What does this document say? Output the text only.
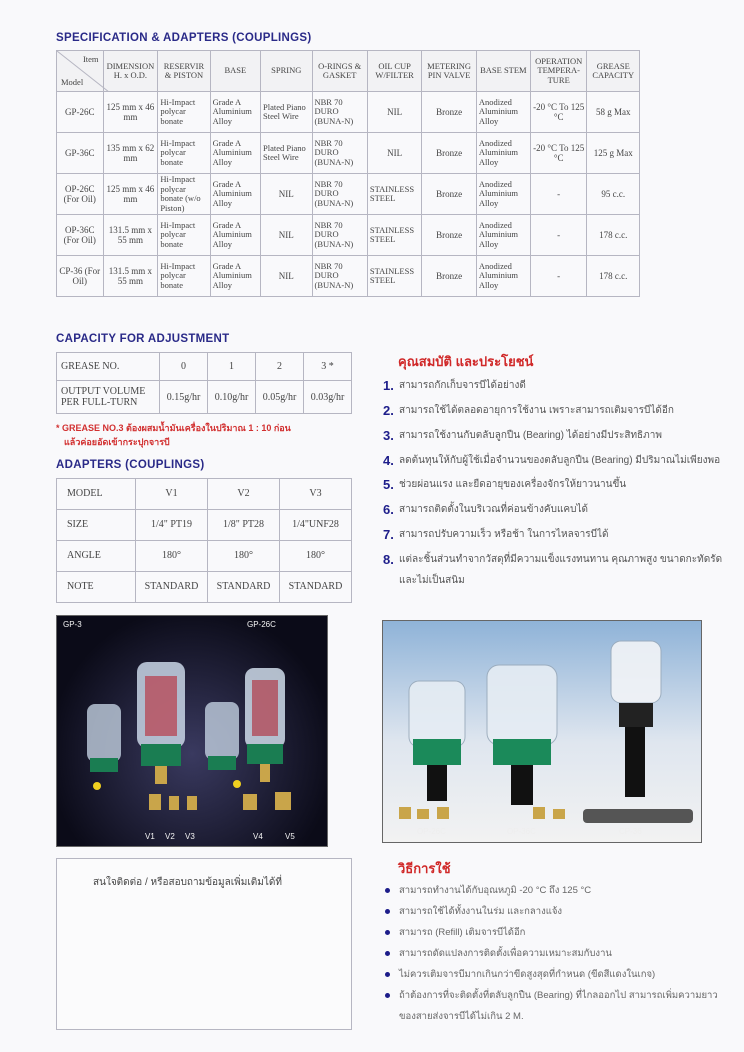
SPECIFICATION & ADAPTERS (COUPLINGS)
Item
Model	DIMENSION H. x O.D.	RESERVIR & PISTON	BASE	SPRING	O-RINGS & GASKET	OIL CUP W/FILTER	METERING PIN VALVE	BASE STEM	OPERATION TEMPERA-TURE	GREASE CAPACITY
GP-26C	125 mm x 46 mm	Hi-Impact polycar bonate	Grade A Aluminium Alloy	Plated Piano Steel Wire	NBR 70 DURO (BUNA-N)	NIL	Bronze	Anodized Aluminium Alloy	-20 °C To 125 °C	58 g Max
GP-36C	135 mm x 62 mm	Hi-Impact polycar bonate	Grade A Aluminium Alloy	Plated Piano Steel Wire	NBR 70 DURO (BUNA-N)	NIL	Bronze	Anodized Aluminium Alloy	-20 °C To 125 °C	125 g Max
OP-26C (For Oil)	125 mm x 46 mm	Hi-Impact polycar bonate (w/o Piston)	Grade A Aluminium Alloy	NIL	NBR 70 DURO (BUNA-N)	STAINLESS STEEL	Bronze	Anodized Aluminium Alloy	-	95 c.c.
OP-36C (For Oil)	131.5 mm x 55 mm	Hi-Impact polycar bonate	Grade A Aluminium Alloy	NIL	NBR 70 DURO (BUNA-N)	STAINLESS STEEL	Bronze	Anodized Aluminium Alloy	-	178 c.c.
CP-36 (For Oil)	131.5 mm x 55 mm	Hi-Impact polycar bonate	Grade A Aluminium Alloy	NIL	NBR 70 DURO (BUNA-N)	STAINLESS STEEL	Bronze	Anodized Aluminium Alloy	-	178 c.c.
CAPACITY FOR ADJUSTMENT
GREASE NO.	0	1	2	3 *
OUTPUT VOLUME PER FULL-TURN	0.15g/hr	0.10g/hr	0.05g/hr	0.03g/hr
* GREASE NO.3 ต้องผสมน้ำมันเครื่องในปริมาณ 1 : 10 ก่อน
แล้วค่อยอัดเข้ากระปุกจารบี
ADAPTERS (COUPLINGS)
MODEL	V1	V2	V3
SIZE	1/4" PT19	1/8" PT28	1/4"UNF28
ANGLE	180°	180°	180°
NOTE	STANDARD	STANDARD	STANDARD
คุณสมบัติ และประโยชน์
1. สามารถกักเก็บจารบีได้อย่างดี
2. สามารถใช้ได้ตลอดอายุการใช้งาน เพราะสามารถเติมจารบีได้อีก
3. สามารถใช้งานกับตลับลูกปืน (Bearing) ได้อย่างมีประสิทธิภาพ
4. ลดต้นทุนให้กับผู้ใช้เมื่อจำนวนของตลับลูกปืน (Bearing) มีปริมาณไม่เพียงพอ
5. ช่วยผ่อนแรง และยืดอายุของเครื่องจักรให้ยาวนานขึ้น
6. สามารถติดตั้งในบริเวณที่ค่อนข้างคับแคบได้
7. สามารถปรับความเร็ว หรือช้า ในการไหลจารบีได้
8. แต่ละชิ้นส่วนทำจากวัสดุที่มีความแข็งแรงทนทาน คุณภาพสูง ขนาดกะทัดรัด และไม่เป็นสนิม
GP-3	GP-26C
V1 V2 V3	V4	V5
OP-26C	OP-36C	CP-36
สนใจติดต่อ / หรือสอบถามข้อมูลเพิ่มเติมได้ที่
วิธีการใช้
สามารถทำงานได้กับอุณหภูมิ -20 °C ถึง 125 °C
สามารถใช้ได้ทั้งงานในร่ม และกลางแจ้ง
สามารถ (Refill) เติมจารบีได้อีก
สามารถดัดแปลงการติดตั้งเพื่อความเหมาะสมกับงาน
ไม่ควรเติมจารบีมากเกินกว่าขีดสูงสุดที่กำหนด (ขีดสีแดงในเกจ)
ถ้าต้องการที่จะติดตั้งที่ตลับลูกปืน (Bearing) ที่ไกลออกไป สามารถเพิ่มความยาวของสายส่งจารบีได้ไม่เกิน 2 M.
